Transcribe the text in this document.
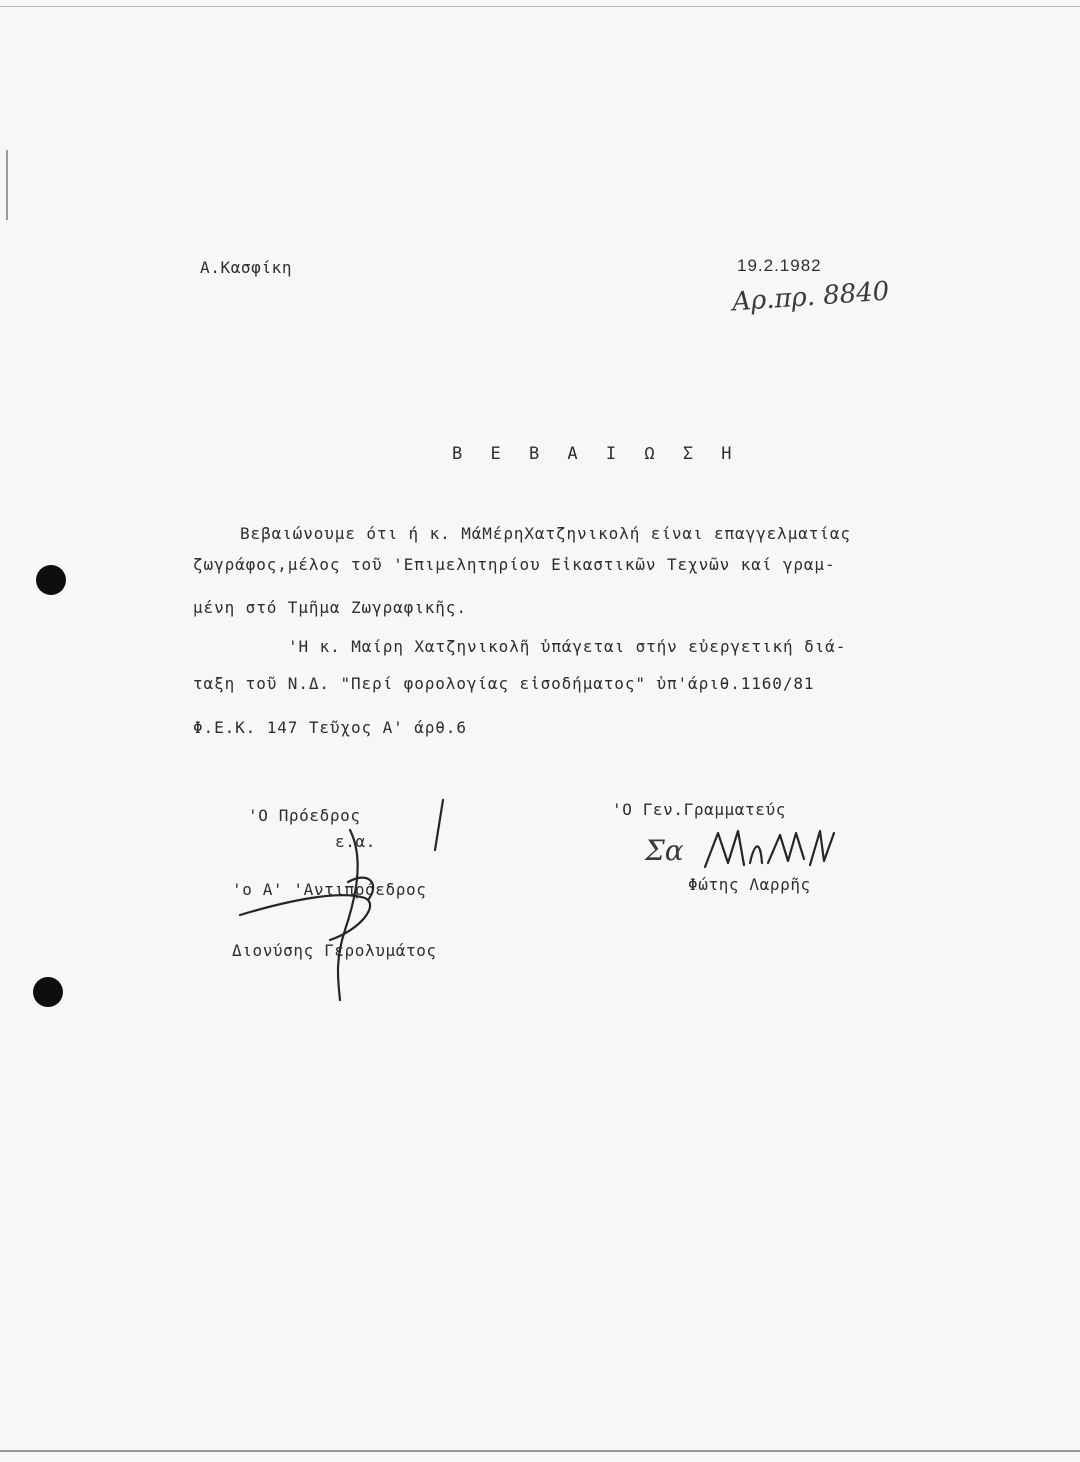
Α.Κασφίκη	19.2.1982
Αρ.πρ. 8840
Β Ε Β Α Ι Ω Σ Η
Βεβαιώνουμε ότι ή κ. ΜάΜέρηΧατζηνικολή είναι επαγγελματίας
ζωγράφος,μέλος τοῦ 'Επιμελητηρίου Εἰκαστικῶν Τεχνῶν καί γραμ-
μένη στό Τμῆμα Ζωγραφικῆς.
'Η κ. Μαίρη Χατζηνικολῆ ὑπάγεται στήν εὐεργετική διά-
ταξη τοῦ Ν.Δ. "Περί φορολογίας εἰσοδήματος" ὑπ'άριθ.1160/81
Φ.Ε.Κ. 147 Τεῦχος Α' άρθ.6
'Ο Πρόεδρος
ε.α.
'ο Α' 'Αντιπρόεδρος
Διονύσης Γερολυμάτος
'Ο Γεν.Γραμματεύς
Σα
Φώτης Λαρρῆς
